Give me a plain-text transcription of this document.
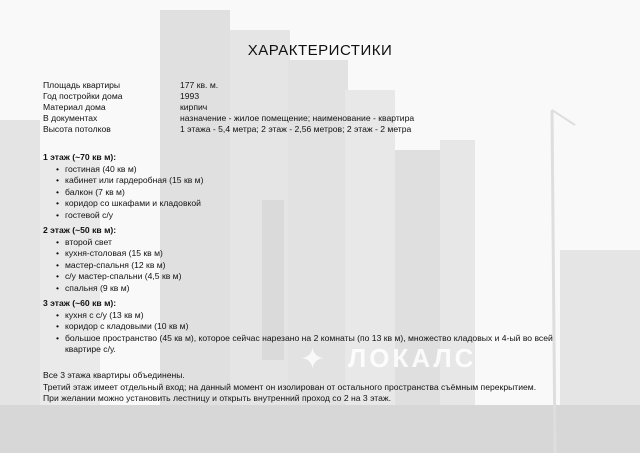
ХАРАКТЕРИСТИКИ
Площадь квартиры	177 кв. м.
Год постройки дома	1993
Материал дома	кирпич
В документах	назначение - жилое помещение; наименование - квартира
Высота потолков	1 этажа - 5,4 метра; 2 этаж - 2,56 метров; 2 этаж - 2 метра
1 этаж (~70 кв м):
• гостиная (40 кв м)
• кабинет или гардеробная (15 кв м)
• балкон (7 кв м)
• коридор со шкафами и кладовкой
• гостевой с/у
2 этаж (~50 кв м):
• второй свет
• кухня-столовая (15 кв м)
• мастер-спальня (12 кв м)
• с/у мастер-спальни (4,5 кв м)
• спальня (9 кв м)
3 этаж (~60 кв м):
• кухня с с/у (13 кв м)
• коридор с кладовыми (10 кв м)
• большое пространство (45 кв м), которое сейчас нарезано на 2 комнаты (по 13 кв м), множество кладовых и 4-ый во всей
квартире с/у.	✦ ЛОКАЛС
Все 3 этажа квартиры объединены.
Третий этаж имеет отдельный вход; на данный момент он изолирован от остального пространства съёмным перекрытием.
При желании можно установить лестницу и открыть внутренний проход со 2 на 3 этаж.
